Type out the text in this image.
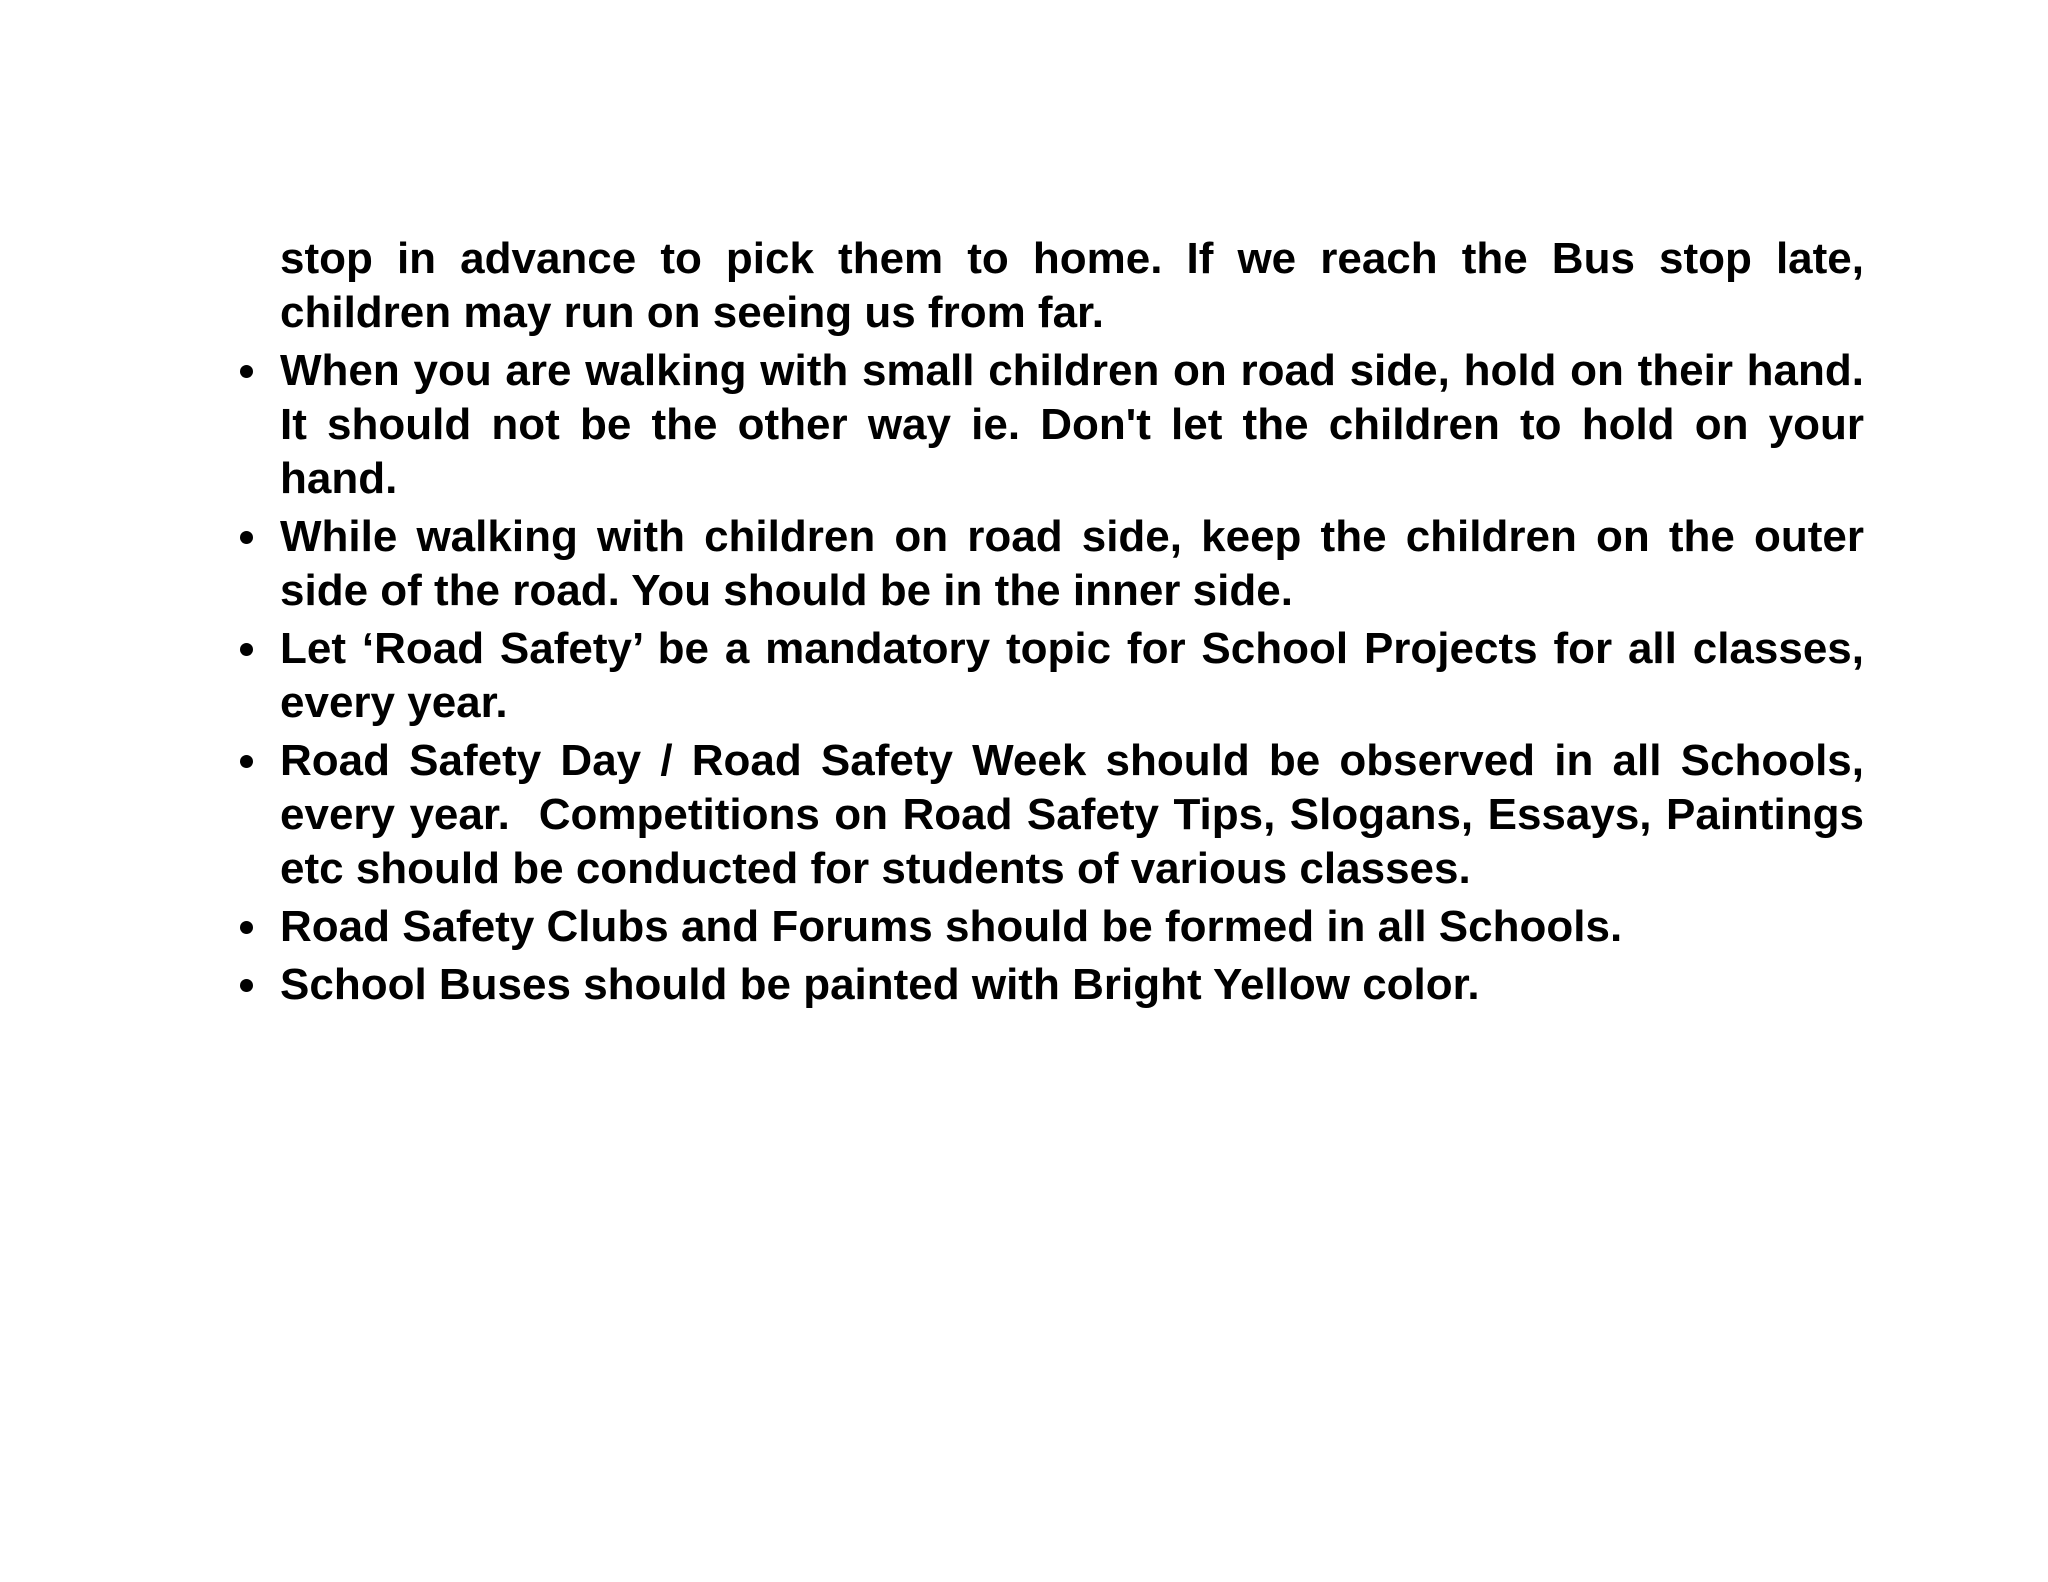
stop in advance to pick them to home. If we reach the Bus stop late, children may run on seeing us from far.

When you are walking with small children on road side, hold on their hand.  It should not be the other way ie. Don't let the children to hold on your hand.

While walking with children on road side, keep the children on the outer side of the road. You should be in the inner side.

Let ‘Road Safety’ be a mandatory topic for School Projects for all classes, every year.

Road Safety Day / Road Safety Week should be observed in all Schools, every year.  Competitions on Road Safety Tips, Slogans, Essays, Paintings etc should be conducted for students of various classes.

Road Safety Clubs and Forums should be formed in all Schools.

School Buses should be painted with Bright Yellow color.
